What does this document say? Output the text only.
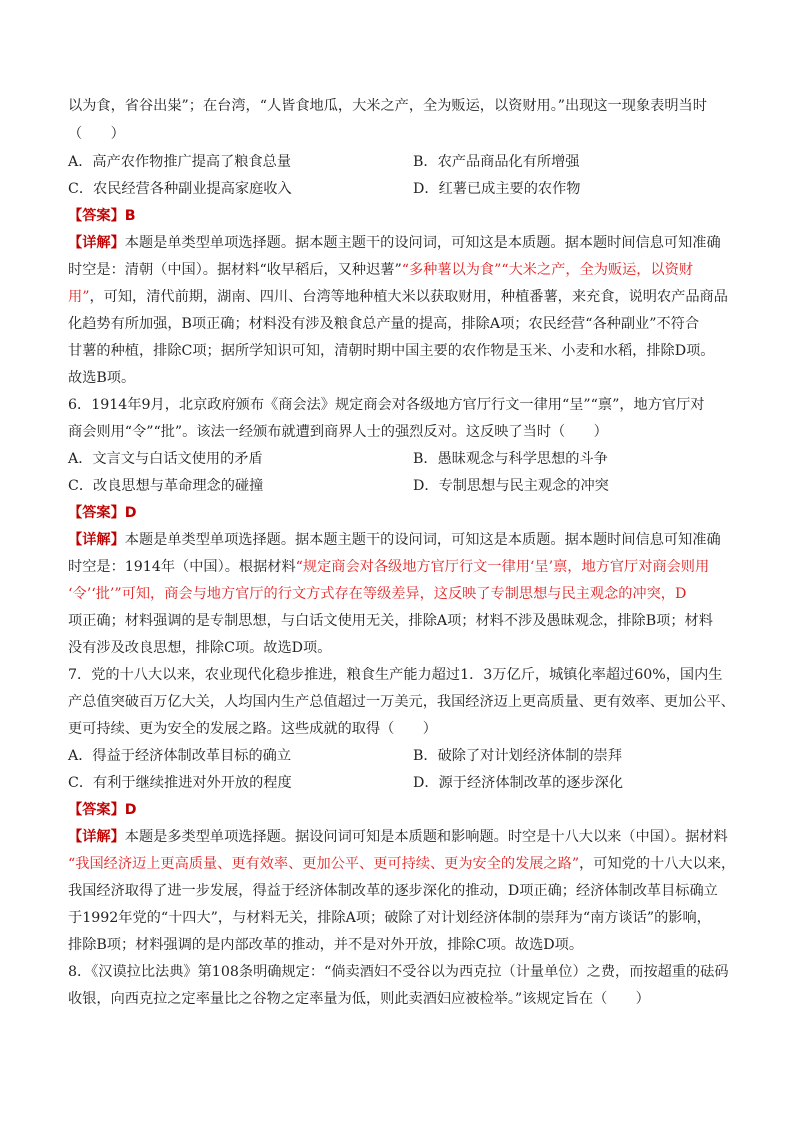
以为食，省谷出粜”；在台湾，“人皆食地瓜，大米之产，全为贩运，以资财用。”出现这一现象表明当时
（　　）
A．高产农作物推广提高了粮食总量	B．农产品商品化有所增强
C．农民经营各种副业提高家庭收入	D．红薯已成主要的农作物
【答案】B
【详解】本题是单类型单项选择题。据本题主题干的设问词，可知这是本质题。据本题时间信息可知准确
时空是：清朝（中国）。据材料“收早稻后，又种迟薯”“多种薯以为食”“大米之产，全为贩运，以资财
用”，可知，清代前期，湖南、四川、台湾等地种植大米以获取财用，种植番薯，来充食，说明农产品商品
化趋势有所加强，B项正确；材料没有涉及粮食总产量的提高，排除A项；农民经营“各种副业”不符合
甘薯的种植，排除C项；据所学知识可知，清朝时期中国主要的农作物是玉米、小麦和水稻，排除D项。
故选B项。
6．1914年9月，北京政府颁布《商会法》规定商会对各级地方官厅行文一律用“呈”“禀”，地方官厅对
商会则用“令”“批”。该法一经颁布就遭到商界人士的强烈反对。这反映了当时（　　）
A．文言文与白话文使用的矛盾	B．愚昧观念与科学思想的斗争
C．改良思想与革命理念的碰撞	D．专制思想与民主观念的冲突
【答案】D
【详解】本题是单类型单项选择题。据本题主题干的设问词，可知这是本质题。据本题时间信息可知准确
时空是：1914年（中国）。根据材料“规定商会对各级地方官厅行文一律用‘呈’禀，地方官厅对商会则用
‘令’‘批’”可知，商会与地方官厅的行文方式存在等级差异，这反映了专制思想与民主观念的冲突，D
项正确；材料强调的是专制思想，与白话文使用无关，排除A项；材料不涉及愚昧观念，排除B项；材料
没有涉及改良思想，排除C项。故选D项。
7．党的十八大以来，农业现代化稳步推进，粮食生产能力超过1．3万亿斤，城镇化率超过60%，国内生
产总值突破百万亿大关，人均国内生产总值超过一万美元，我国经济迈上更高质量、更有效率、更加公平、
更可持续、更为安全的发展之路。这些成就的取得（　　）
A．得益于经济体制改革目标的确立	B．破除了对计划经济体制的崇拜
C．有利于继续推进对外开放的程度	D．源于经济体制改革的逐步深化
【答案】D
【详解】本题是多类型单项选择题。据设问词可知是本质题和影响题。时空是十八大以来（中国）。据材料
“我国经济迈上更高质量、更有效率、更加公平、更可持续、更为安全的发展之路”，可知党的十八大以来，
我国经济取得了进一步发展，得益于经济体制改革的逐步深化的推动，D项正确；经济体制改革目标确立
于1992年党的“十四大”，与材料无关，排除A项；破除了对计划经济体制的崇拜为“南方谈话”的影响，
排除B项；材料强调的是内部改革的推动，并不是对外开放，排除C项。故选D项。
8．《汉谟拉比法典》第108条明确规定：“倘卖酒妇不受谷以为西克拉（计量单位）之费，而按超重的砝码
收银，向西克拉之定率量比之谷物之定率量为低，则此卖酒妇应被检举。”该规定旨在（　　）
